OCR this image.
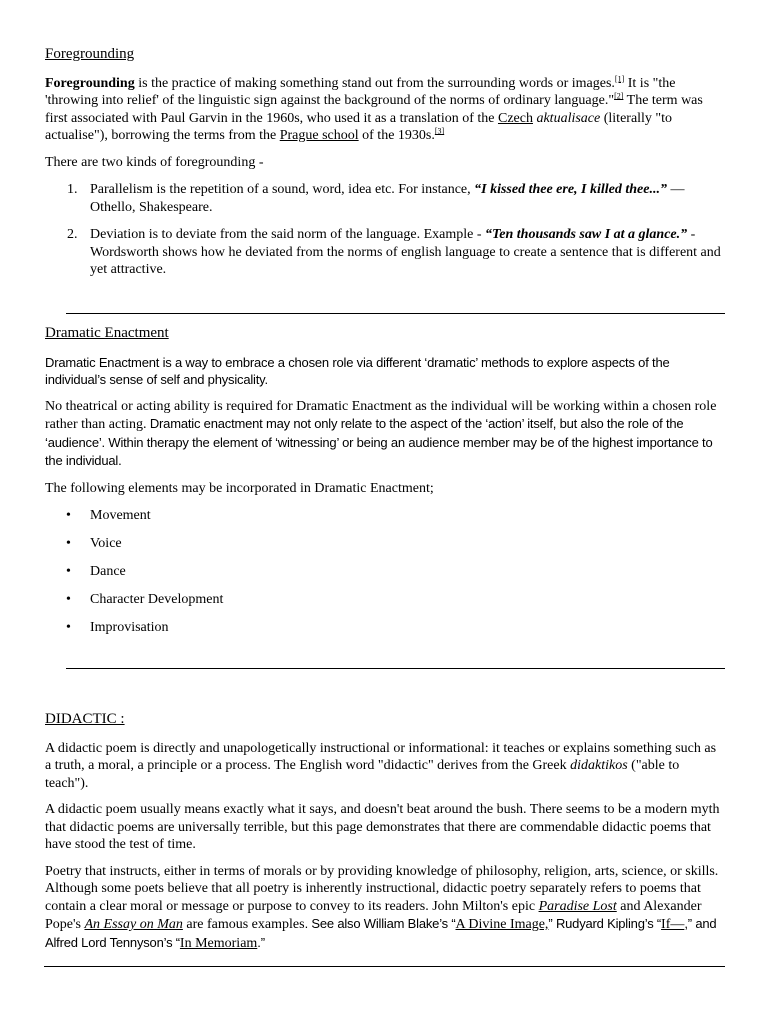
Foregrounding

Foregrounding is the practice of making something stand out from the surrounding words or images.[1] It is "the 'throwing into relief' of the linguistic sign against the background of the norms of ordinary language."[2] The term was first associated with Paul Garvin in the 1960s, who used it as a translation of the Czech aktualisace (literally "to actualise"), borrowing the terms from the Prague school of the 1930s.[3]

There are two kinds of foregrounding -

1. Parallelism is the repetition of a sound, word, idea etc. For instance, “I kissed thee ere, I killed thee...” —Othello, Shakespeare.
2. Deviation is to deviate from the said norm of the language. Example - “Ten thousands saw I at a glance.” - Wordsworth shows how he deviated from the norms of english language to create a sentence that is different and yet attractive.
Dramatic Enactment

Dramatic Enactment is a way to embrace a chosen role via different ‘dramatic’ methods to explore aspects of the individual’s sense of self and physicality.

No theatrical or acting ability is required for Dramatic Enactment as the individual will be working within a chosen role rather than acting. Dramatic enactment may not only relate to the aspect of the ‘action’ itself, but also the role of the ‘audience’. Within therapy the element of ‘witnessing’ or being an audience member may be of the highest importance to the individual.

The following elements may be incorporated in Dramatic Enactment;

• Movement
• Voice
• Dance
• Character Development
• Improvisation
DIDACTIC :

A didactic poem is directly and unapologetically instructional or informational: it teaches or explains something such as a truth, a moral, a principle or a process. The English word "didactic" derives from the Greek didaktikos ("able to teach").

A didactic poem usually means exactly what it says, and doesn't beat around the bush. There seems to be a modern myth that didactic poems are universally terrible, but this page demonstrates that there are commendable didactic poems that have stood the test of time.

Poetry that instructs, either in terms of morals or by providing knowledge of philosophy, religion, arts, science, or skills. Although some poets believe that all poetry is inherently instructional, didactic poetry separately refers to poems that contain a clear moral or message or purpose to convey to its readers. John Milton's epic Paradise Lost and Alexander Pope's An Essay on Man are famous examples. See also William Blake’s “A Divine Image,” Rudyard Kipling’s “If—,” and Alfred Lord Tennyson’s “In Memoriam.”
